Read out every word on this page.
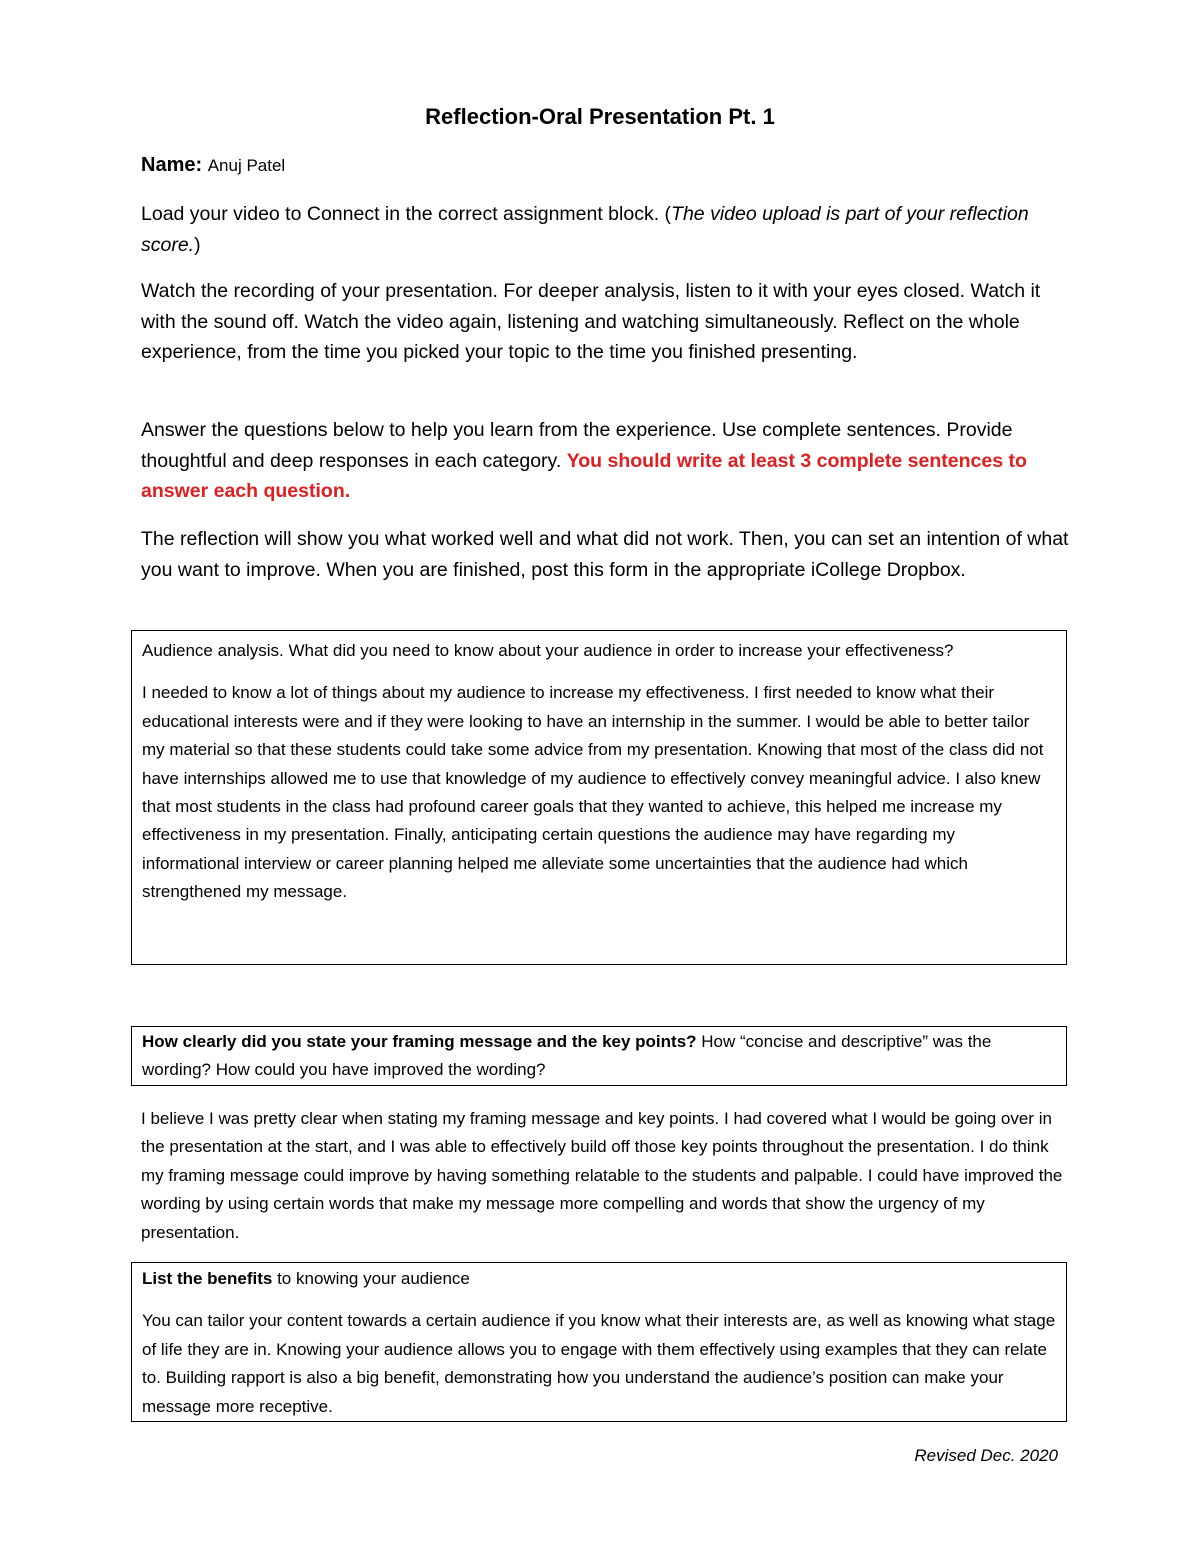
Reflection-Oral Presentation Pt. 1
Name: Anuj Patel
Load your video to Connect in the correct assignment block. (The video upload is part of your reflection score.)
Watch the recording of your presentation. For deeper analysis, listen to it with your eyes closed. Watch it with the sound off. Watch the video again, listening and watching simultaneously. Reflect on the whole experience, from the time you picked your topic to the time you finished presenting.
Answer the questions below to help you learn from the experience. Use complete sentences. Provide thoughtful and deep responses in each category. You should write at least 3 complete sentences to answer each question.
The reflection will show you what worked well and what did not work. Then, you can set an intention of what you want to improve. When you are finished, post this form in the appropriate iCollege Dropbox.

Audience analysis. What did you need to know about your audience in order to increase your effectiveness?

I needed to know a lot of things about my audience to increase my effectiveness. I first needed to know what their educational interests were and if they were looking to have an internship in the summer. I would be able to better tailor my material so that these students could take some advice from my presentation. Knowing that most of the class did not have internships allowed me to use that knowledge of my audience to effectively convey meaningful advice. I also knew that most students in the class had profound career goals that they wanted to achieve, this helped me increase my effectiveness in my presentation. Finally, anticipating certain questions the audience may have regarding my informational interview or career planning helped me alleviate some uncertainties that the audience had which strengthened my message.

How clearly did you state your framing message and the key points? How “concise and descriptive” was the wording? How could you have improved the wording?

I believe I was pretty clear when stating my framing message and key points. I had covered what I would be going over in the presentation at the start, and I was able to effectively build off those key points throughout the presentation. I do think my framing message could improve by having something relatable to the students and palpable. I could have improved the wording by using certain words that make my message more compelling and words that show the urgency of my presentation.

List the benefits to knowing your audience

You can tailor your content towards a certain audience if you know what their interests are, as well as knowing what stage of life they are in. Knowing your audience allows you to engage with them effectively using examples that they can relate to. Building rapport is also a big benefit, demonstrating how you understand the audience’s position can make your message more receptive.

Revised Dec. 2020
